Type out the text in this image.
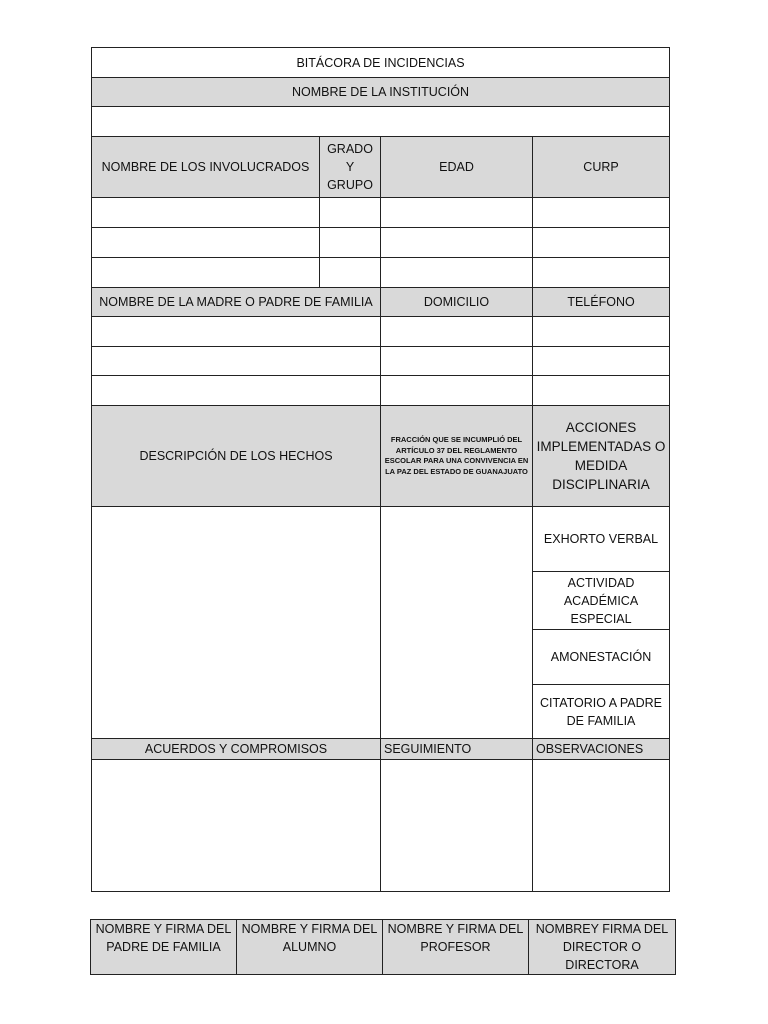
BITÁCORA DE INCIDENCIAS			
NOMBRE DE LA INSTITUCIÓN			

NOMBRE DE LOS INVOLUCRADOS	GRADO Y GRUPO	EDAD	CURP

NOMBRE DE LA MADRE O PADRE DE FAMILIA		DOMICILIO	TELÉFONO

DESCRIPCIÓN DE LOS HECHOS		FRACCIÓN QUE SE INCUMPLIÓ DEL ARTÍCULO 37 DEL REGLAMENTO ESCOLAR PARA UNA CONVIVENCIA EN LA PAZ DEL ESTADO DE GUANAJUATO	ACCIONES IMPLEMENTADAS O MEDIDA DISCIPLINARIA
			EXHORTO VERBAL
			ACTIVIDAD ACADÉMICA ESPECIAL
			AMONESTACIÓN
			CITATORIO A PADRE DE FAMILIA
ACUERDOS Y COMPROMISOS		SEGUIMIENTO	OBSERVACIONES

NOMBRE Y FIRMA DEL PADRE DE FAMILIA	NOMBRE Y FIRMA DEL ALUMNO	NOMBRE Y FIRMA DEL PROFESOR	NOMBREY FIRMA DEL DIRECTOR O DIRECTORA
